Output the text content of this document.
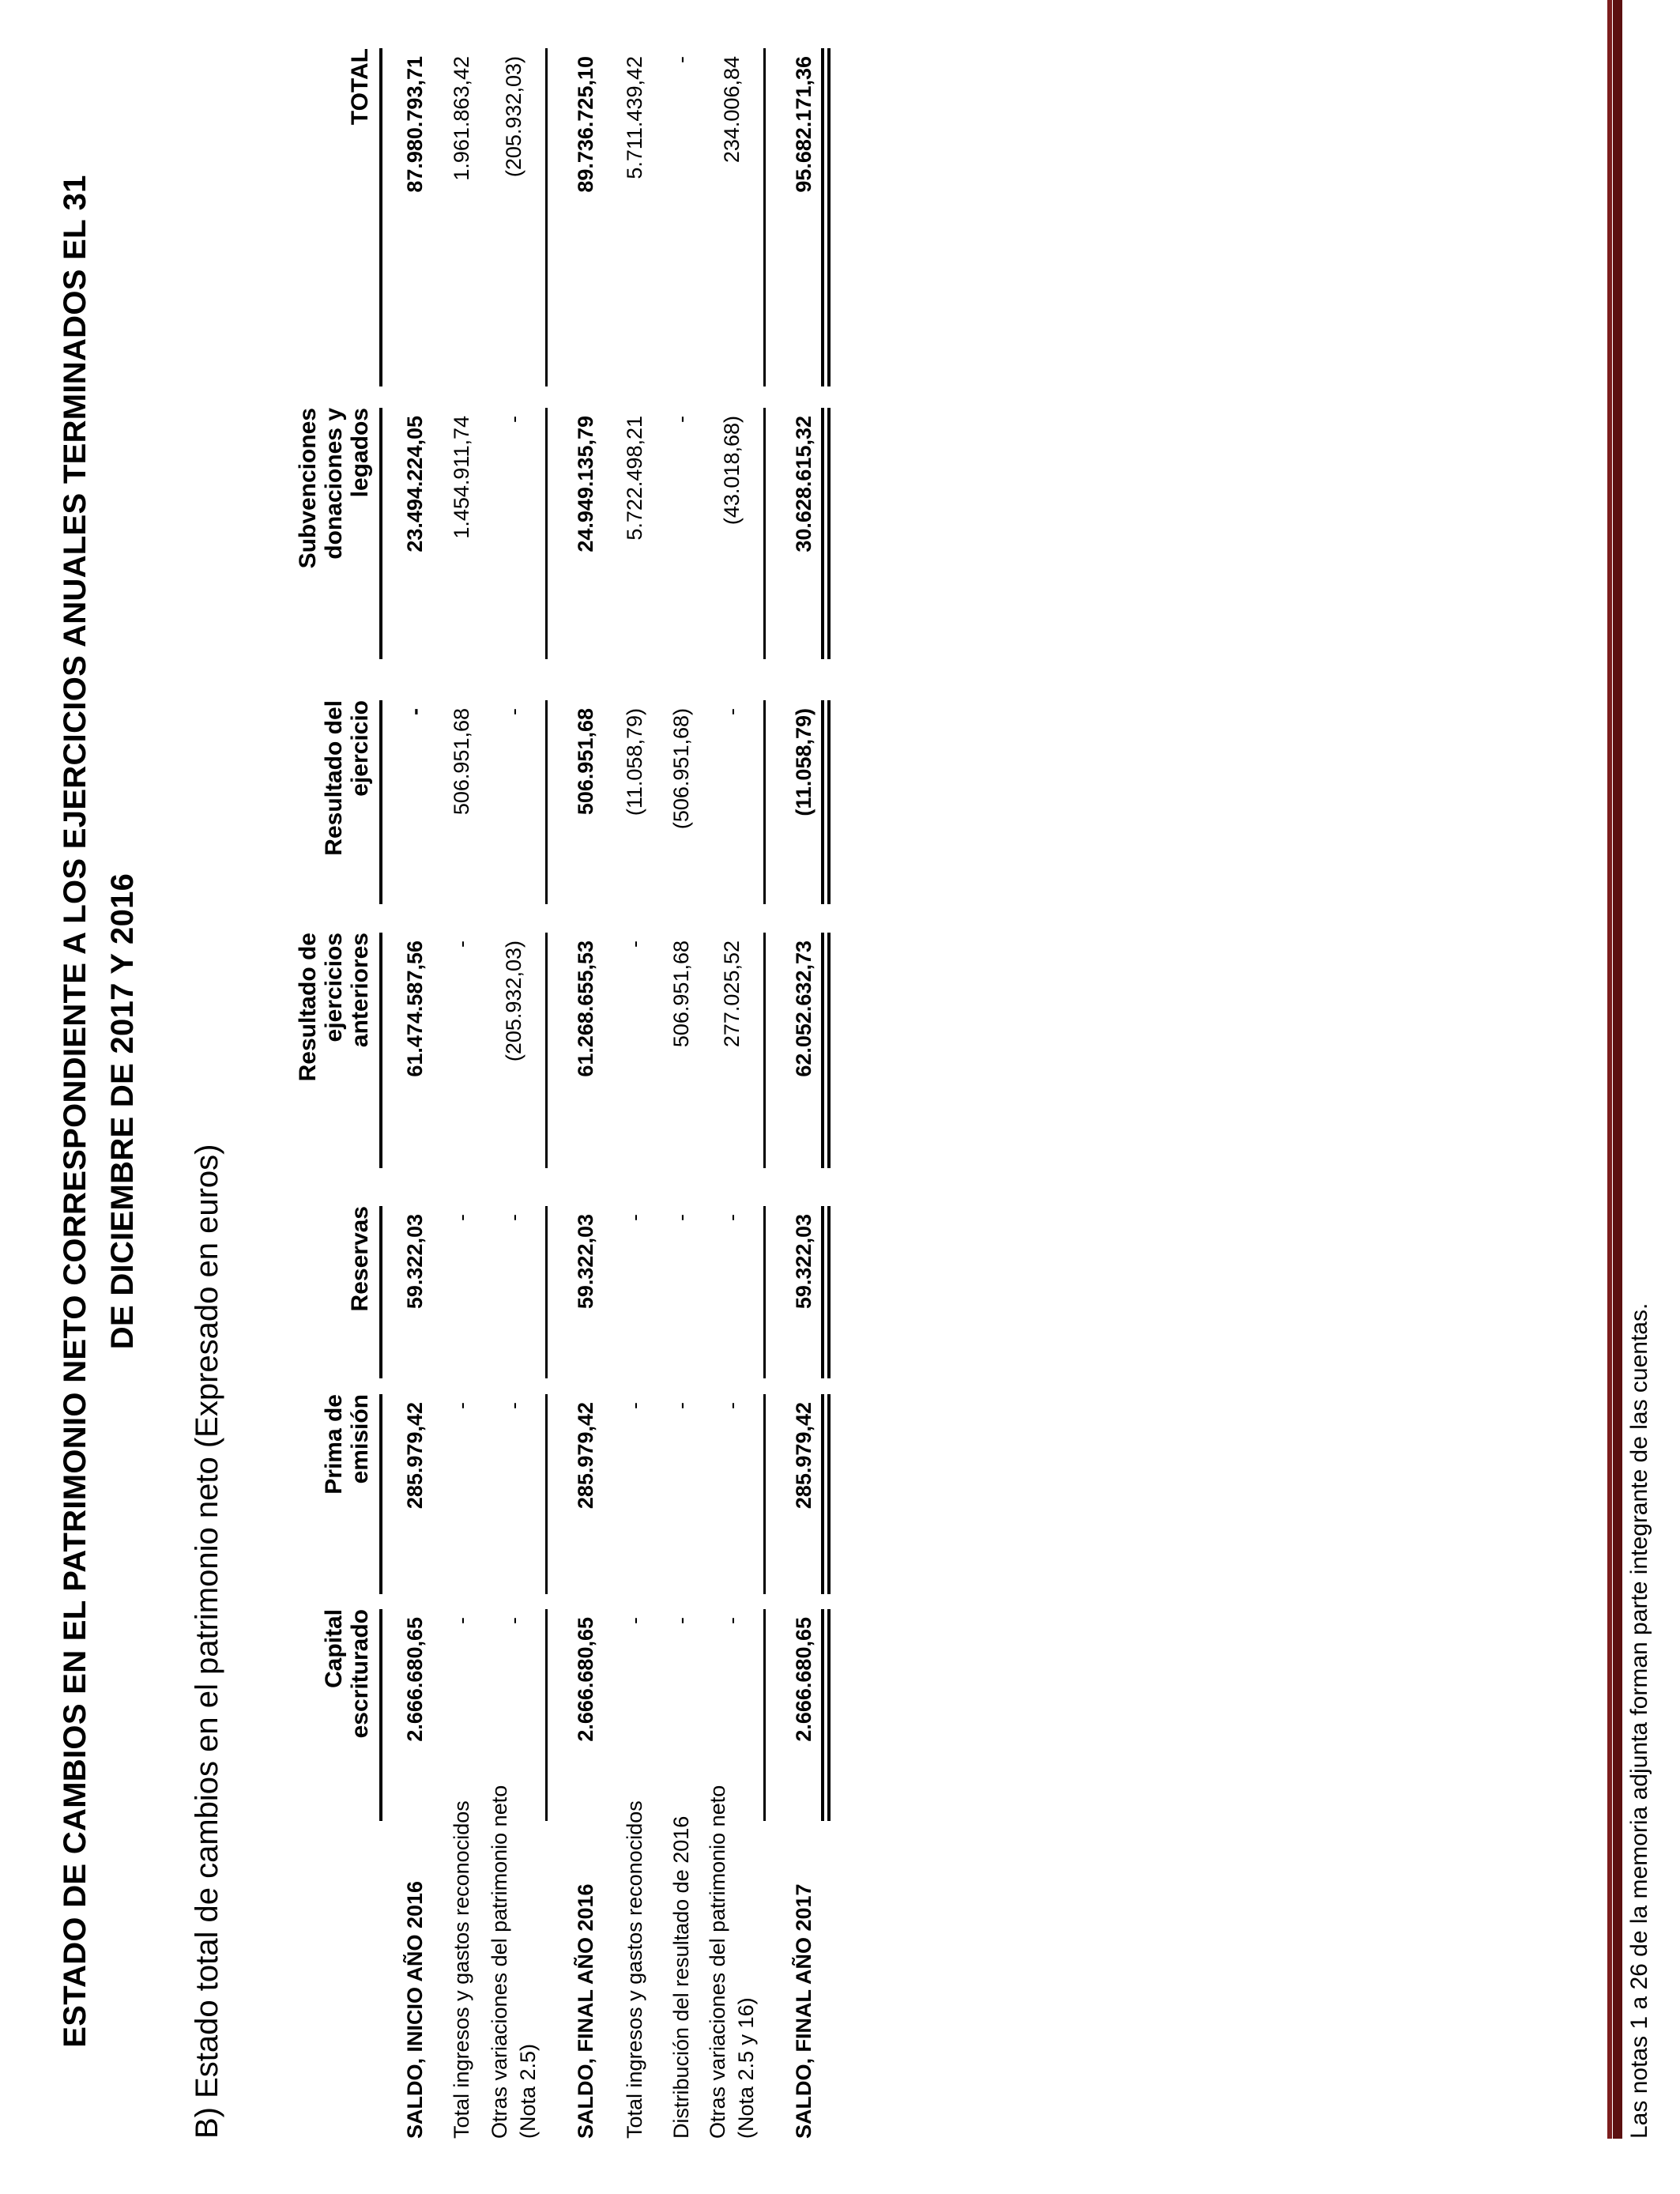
ESTADO DE CAMBIOS EN EL PATRIMONIO NETO CORRESPONDIENTE A LOS EJERCICIOS ANUALES TERMINADOS EL 31 DE DICIEMBRE DE 2017 Y 2016
B) Estado total de cambios en el patrimonio neto (Expresado en euros)	Capital escriturado
Prima de emisión
Reservas
Resultado de ejercicios anteriores
Resultado del ejercicio
Subvenciones donaciones y legados
TOTAL
SALDO, INICIO AÑO 2016
2.666.680,65
285.979,42
59.322,03
61.474.587,56
-
23.494.224,05
87.980.793,71
Total ingresos y gastos reconocidos
-
-
-
-
506.951,68
1.454.911,74
1.961.863,42
Otras variaciones del patrimonio neto (Nota 2.5)
-
-
-
(205.932,03)
-
-
(205.932,03)
SALDO, FINAL AÑO 2016
2.666.680,65
285.979,42
59.322,03
61.268.655,53
506.951,68
24.949.135,79
89.736.725,10
Total ingresos y gastos reconocidos
-
-
-
-
(11.058,79)
5.722.498,21
5.711.439,42
Distribución del resultado de 2016
-
-
-
506.951,68
(506.951,68)
-
-
Otras variaciones del patrimonio neto (Nota 2.5 y 16)
-
-
-
277.025,52
-
(43.018,68)
234.006,84
SALDO, FINAL AÑO 2017
2.666.680,65
285.979,42
59.322,03
62.052.632,73
(11.058,79)
30.628.615,32
95.682.171,36
Las notas 1 a 26 de la memoria adjunta forman parte integrante de las cuentas.
